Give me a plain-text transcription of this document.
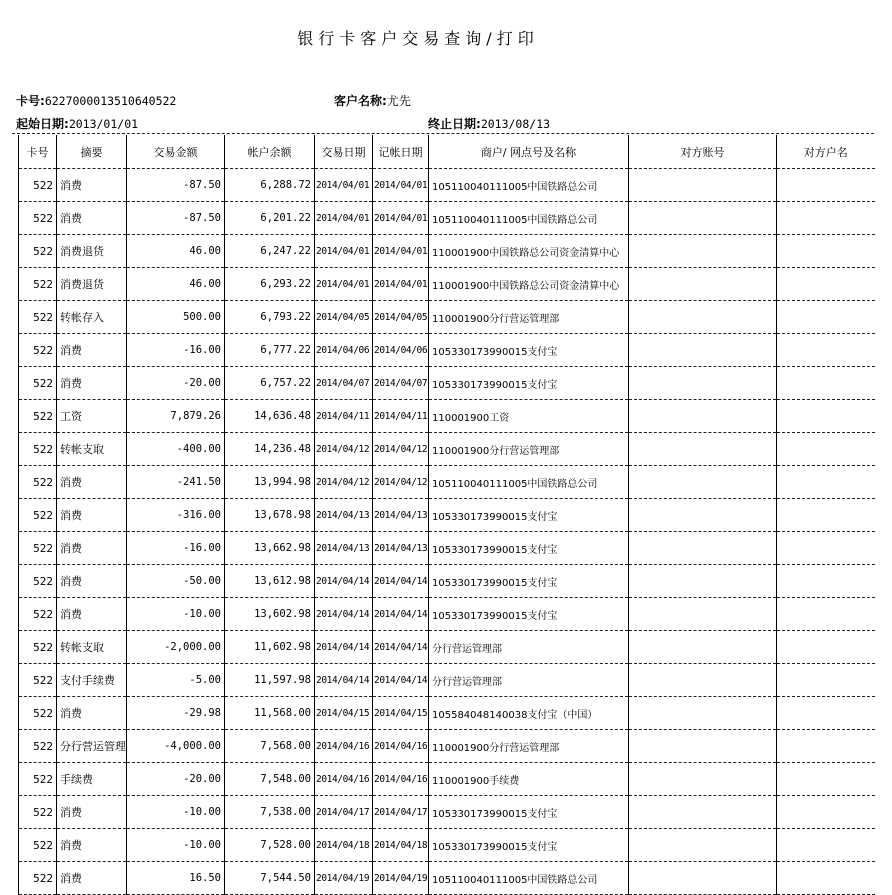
银行卡客户交易查询/打印
卡号:6227000013510640522	客户名称:尤先
起始日期:2013/01/01	终止日期:2013/08/13
卡号	摘要	交易金额	帐户余额	交易日期	记帐日期	商户/ 网点号及名称	对方账号	对方户名
522	消费	-87.50	6,288.72	2014/04/01	2014/04/01	105110040111005中国铁路总公司		
522	消费	-87.50	6,201.22	2014/04/01	2014/04/01	105110040111005中国铁路总公司		
522	消费退货	46.00	6,247.22	2014/04/01	2014/04/01	110001900中国铁路总公司资金清算中心		
522	消费退货	46.00	6,293.22	2014/04/01	2014/04/01	110001900中国铁路总公司资金清算中心		
522	转帐存入	500.00	6,793.22	2014/04/05	2014/04/05	110001900分行营运管理部		
522	消费	-16.00	6,777.22	2014/04/06	2014/04/06	105330173990015支付宝		
522	消费	-20.00	6,757.22	2014/04/07	2014/04/07	105330173990015支付宝		
522	工资	7,879.26	14,636.48	2014/04/11	2014/04/11	110001900工资		
522	转帐支取	-400.00	14,236.48	2014/04/12	2014/04/12	110001900分行营运管理部		
522	消费	-241.50	13,994.98	2014/04/12	2014/04/12	105110040111005中国铁路总公司		
522	消费	-316.00	13,678.98	2014/04/13	2014/04/13	105330173990015支付宝		
522	消费	-16.00	13,662.98	2014/04/13	2014/04/13	105330173990015支付宝		
522	消费	-50.00	13,612.98	2014/04/14	2014/04/14	105330173990015支付宝		
522	消费	-10.00	13,602.98	2014/04/14	2014/04/14	105330173990015支付宝		
522	转帐支取	-2,000.00	11,602.98	2014/04/14	2014/04/14	分行营运管理部		
522	支付手续费	-5.00	11,597.98	2014/04/14	2014/04/14	分行营运管理部		
522	消费	-29.98	11,568.00	2014/04/15	2014/04/15	105584048140038支付宝（中国）		
522	分行营运管理	-4,000.00	7,568.00	2014/04/16	2014/04/16	110001900分行营运管理部		
522	手续费	-20.00	7,548.00	2014/04/16	2014/04/16	110001900手续费		
522	消费	-10.00	7,538.00	2014/04/17	2014/04/17	105330173990015支付宝		
522	消费	-10.00	7,528.00	2014/04/18	2014/04/18	105330173990015支付宝		
522	消费	16.50	7,544.50	2014/04/19	2014/04/19	105110040111005中国铁路总公司		
